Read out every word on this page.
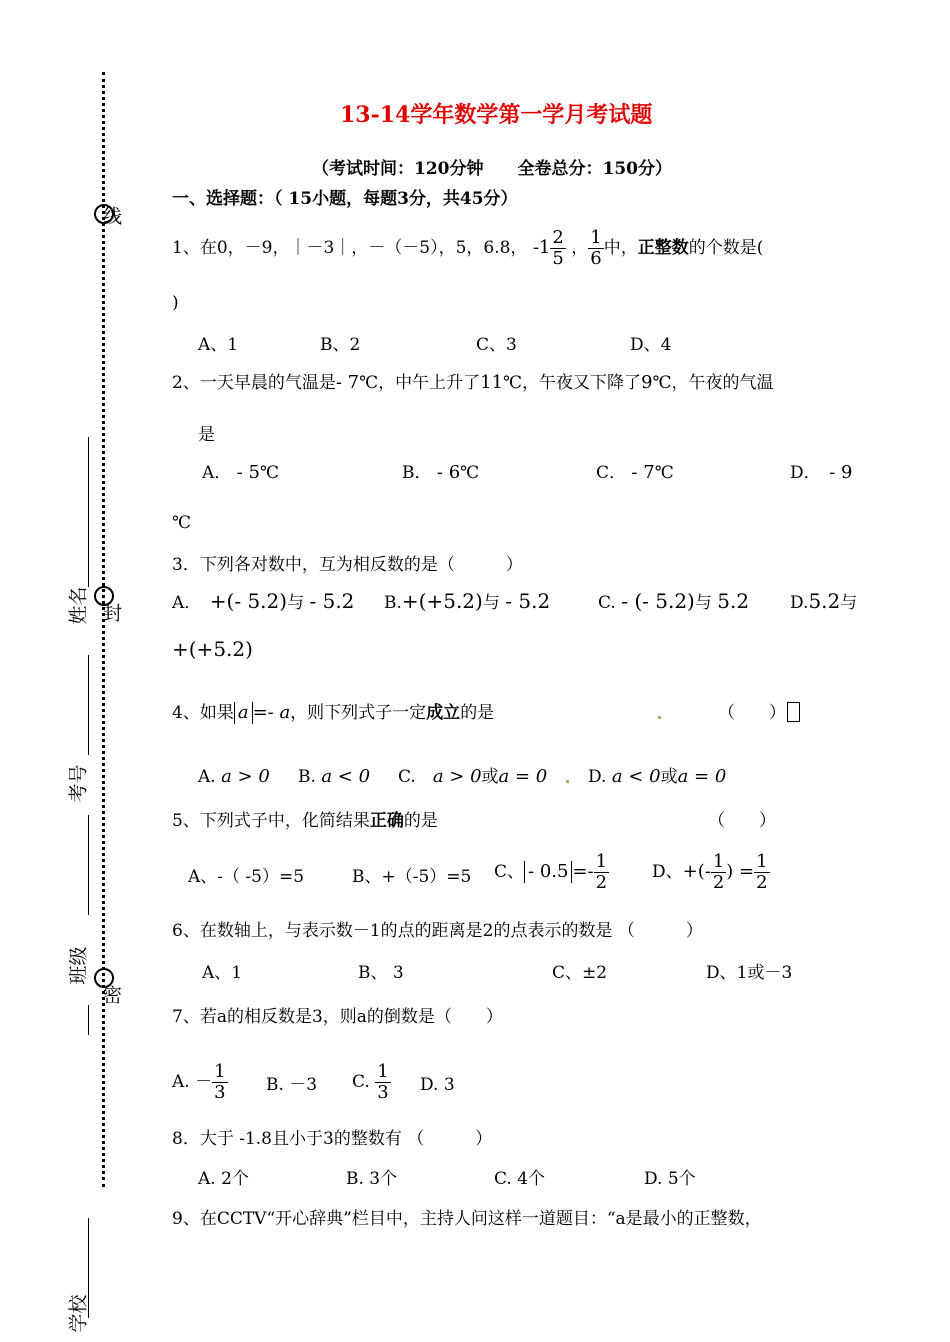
线
封
密
姓名
考号
班级
学校
13-14学年数学第一学月考试题
（考试时间：120分钟　　全卷总分：150分）
一、选择题：（ 15小题，每题3分，共45分）
1、在0，－9，｜－3｜，－（－5），5，6.8， $-1 \frac{2}{5}$ ， $\frac{1}{6}$ 中，正整数的个数是(
)
A、1	B、2	C、3	D、4
2、一天早晨的气温是- 7℃，中午上升了11℃，午夜又下降了9℃，午夜的气温
是
A． - 5℃	B． - 6℃	C． - 7℃	D．　 - 9
℃
3．下列各对数中，互为相反数的是（　　　）
A．　 +(- 5.2)与 - 5.2 B.+(+5.2)与 - 5.2	C. - (- 5.2)与 5.2 D.5.2与
+(+5.2)
4、如果 a =- a，则下列式子一定成立的是	（　　）
A. a > 0 B. a < 0 C.　 a > 0或a = 0 D. a < 0或a = 0
5、下列式子中，化简结果正确的是	（　　）
A、-（ -5）=5	B、+（-5）=5 C、 - $0.5 =- \frac{1}{2}$	D、+(- $\frac{1}{2}$ ) = $\frac{1}{2}$
6、在数轴上，与表示数－1的点的距离是2的点表示的数是 （　　　）
A、1	B、 3	C、±2	D、1或－3
7、若a的相反数是3，则a的倒数是（　　）
A. － $\frac{1}{3} B$. －3 C. $\frac{1}{3} D$. 3
8．大于 -1.8且小于3的整数有 （　　　）
A. 2个	B. 3个	C. 4个	D. 5个
9、在CCTV“开心辞典”栏目中，主持人问这样一道题目：“a是最小的正整数，
